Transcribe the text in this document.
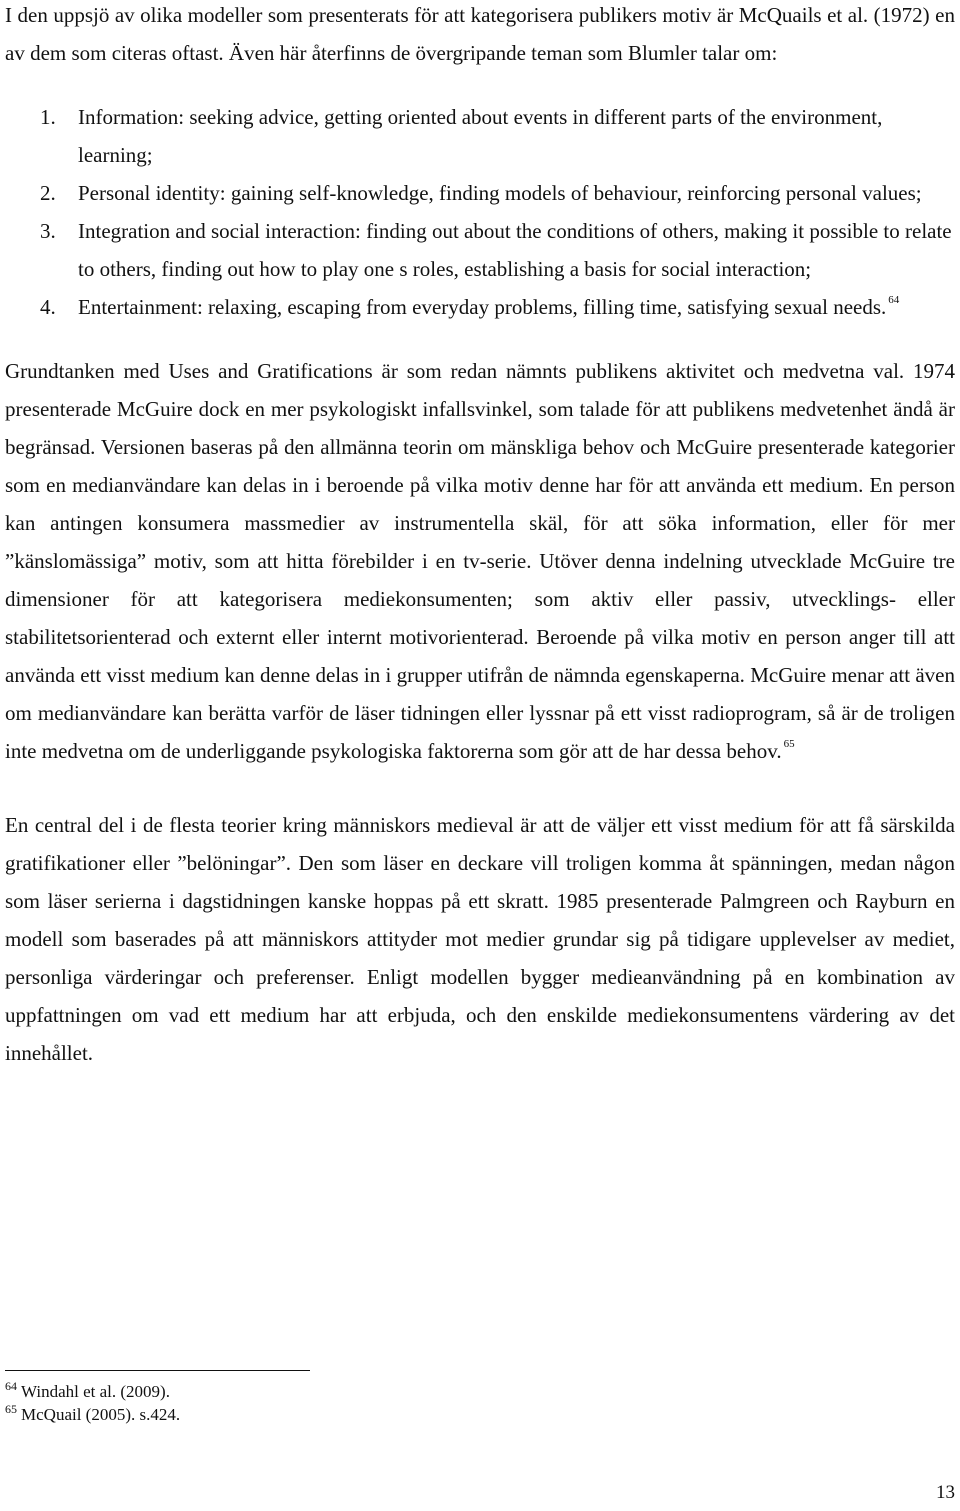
I den uppsjö av olika modeller som presenterats för att kategorisera publikers motiv är McQuails et al. (1972) en av dem som citeras oftast. Även här återfinns de övergripande teman som Blumler talar om:

1. Information: seeking advice, getting oriented about events in different parts of the environment, learning;
2. Personal identity: gaining self-knowledge, finding models of behaviour, reinforcing personal values;
3. Integration and social interaction: finding out about the conditions of others, making it possible to relate to others, finding out how to play one s roles, establishing a basis for social interaction;
4. Entertainment: relaxing, escaping from everyday problems, filling time, satisfying sexual needs. $^{64}$

Grundtanken med Uses and Gratifications är som redan nämnts publikens aktivitet och medvetna val. 1974 presenterade McGuire dock en mer psykologiskt infallsvinkel, som talade för att publikens medvetenhet ändå är begränsad. Versionen baseras på den allmänna teorin om mänskliga behov och McGuire presenterade kategorier som en medianvändare kan delas in i beroende på vilka motiv denne har för att använda ett medium. En person kan antingen konsumera massmedier av instrumentella skäl, för att söka information, eller för mer ”känslomässiga” motiv, som att hitta förebilder i en tv-serie. Utöver denna indelning utvecklade McGuire tre dimensioner för att kategorisera mediekonsumenten; som aktiv eller passiv, utvecklings- eller stabilitetsorienterad och externt eller internt motivorienterad. Beroende på vilka motiv en person anger till att använda ett visst medium kan denne delas in i grupper utifrån de nämnda egenskaperna. McGuire menar att även om medianvändare kan berätta varför de läser tidningen eller lyssnar på ett visst radioprogram, så är de troligen inte medvetna om de underliggande psykologiska faktorerna som gör att de har dessa behov. $^{65}$

En central del i de flesta teorier kring människors medieval är att de väljer ett visst medium för att få särskilda gratifikationer eller ”belöningar”. Den som läser en deckare vill troligen komma åt spänningen, medan någon som läser serierna i dagstidningen kanske hoppas på ett skratt. 1985 presenterade Palmgreen och Rayburn en modell som baserades på att människors attityder mot medier grundar sig på tidigare upplevelser av mediet, personliga värderingar och preferenser. Enligt modellen bygger medieanvändning på en kombination av uppfattningen om vad ett medium har att erbjuda, och den enskilde mediekonsumentens värdering av det innehållet.

$^{64}$ Windahl et al. (2009).
$^{65}$ McQuail (2005). s.424.
13
